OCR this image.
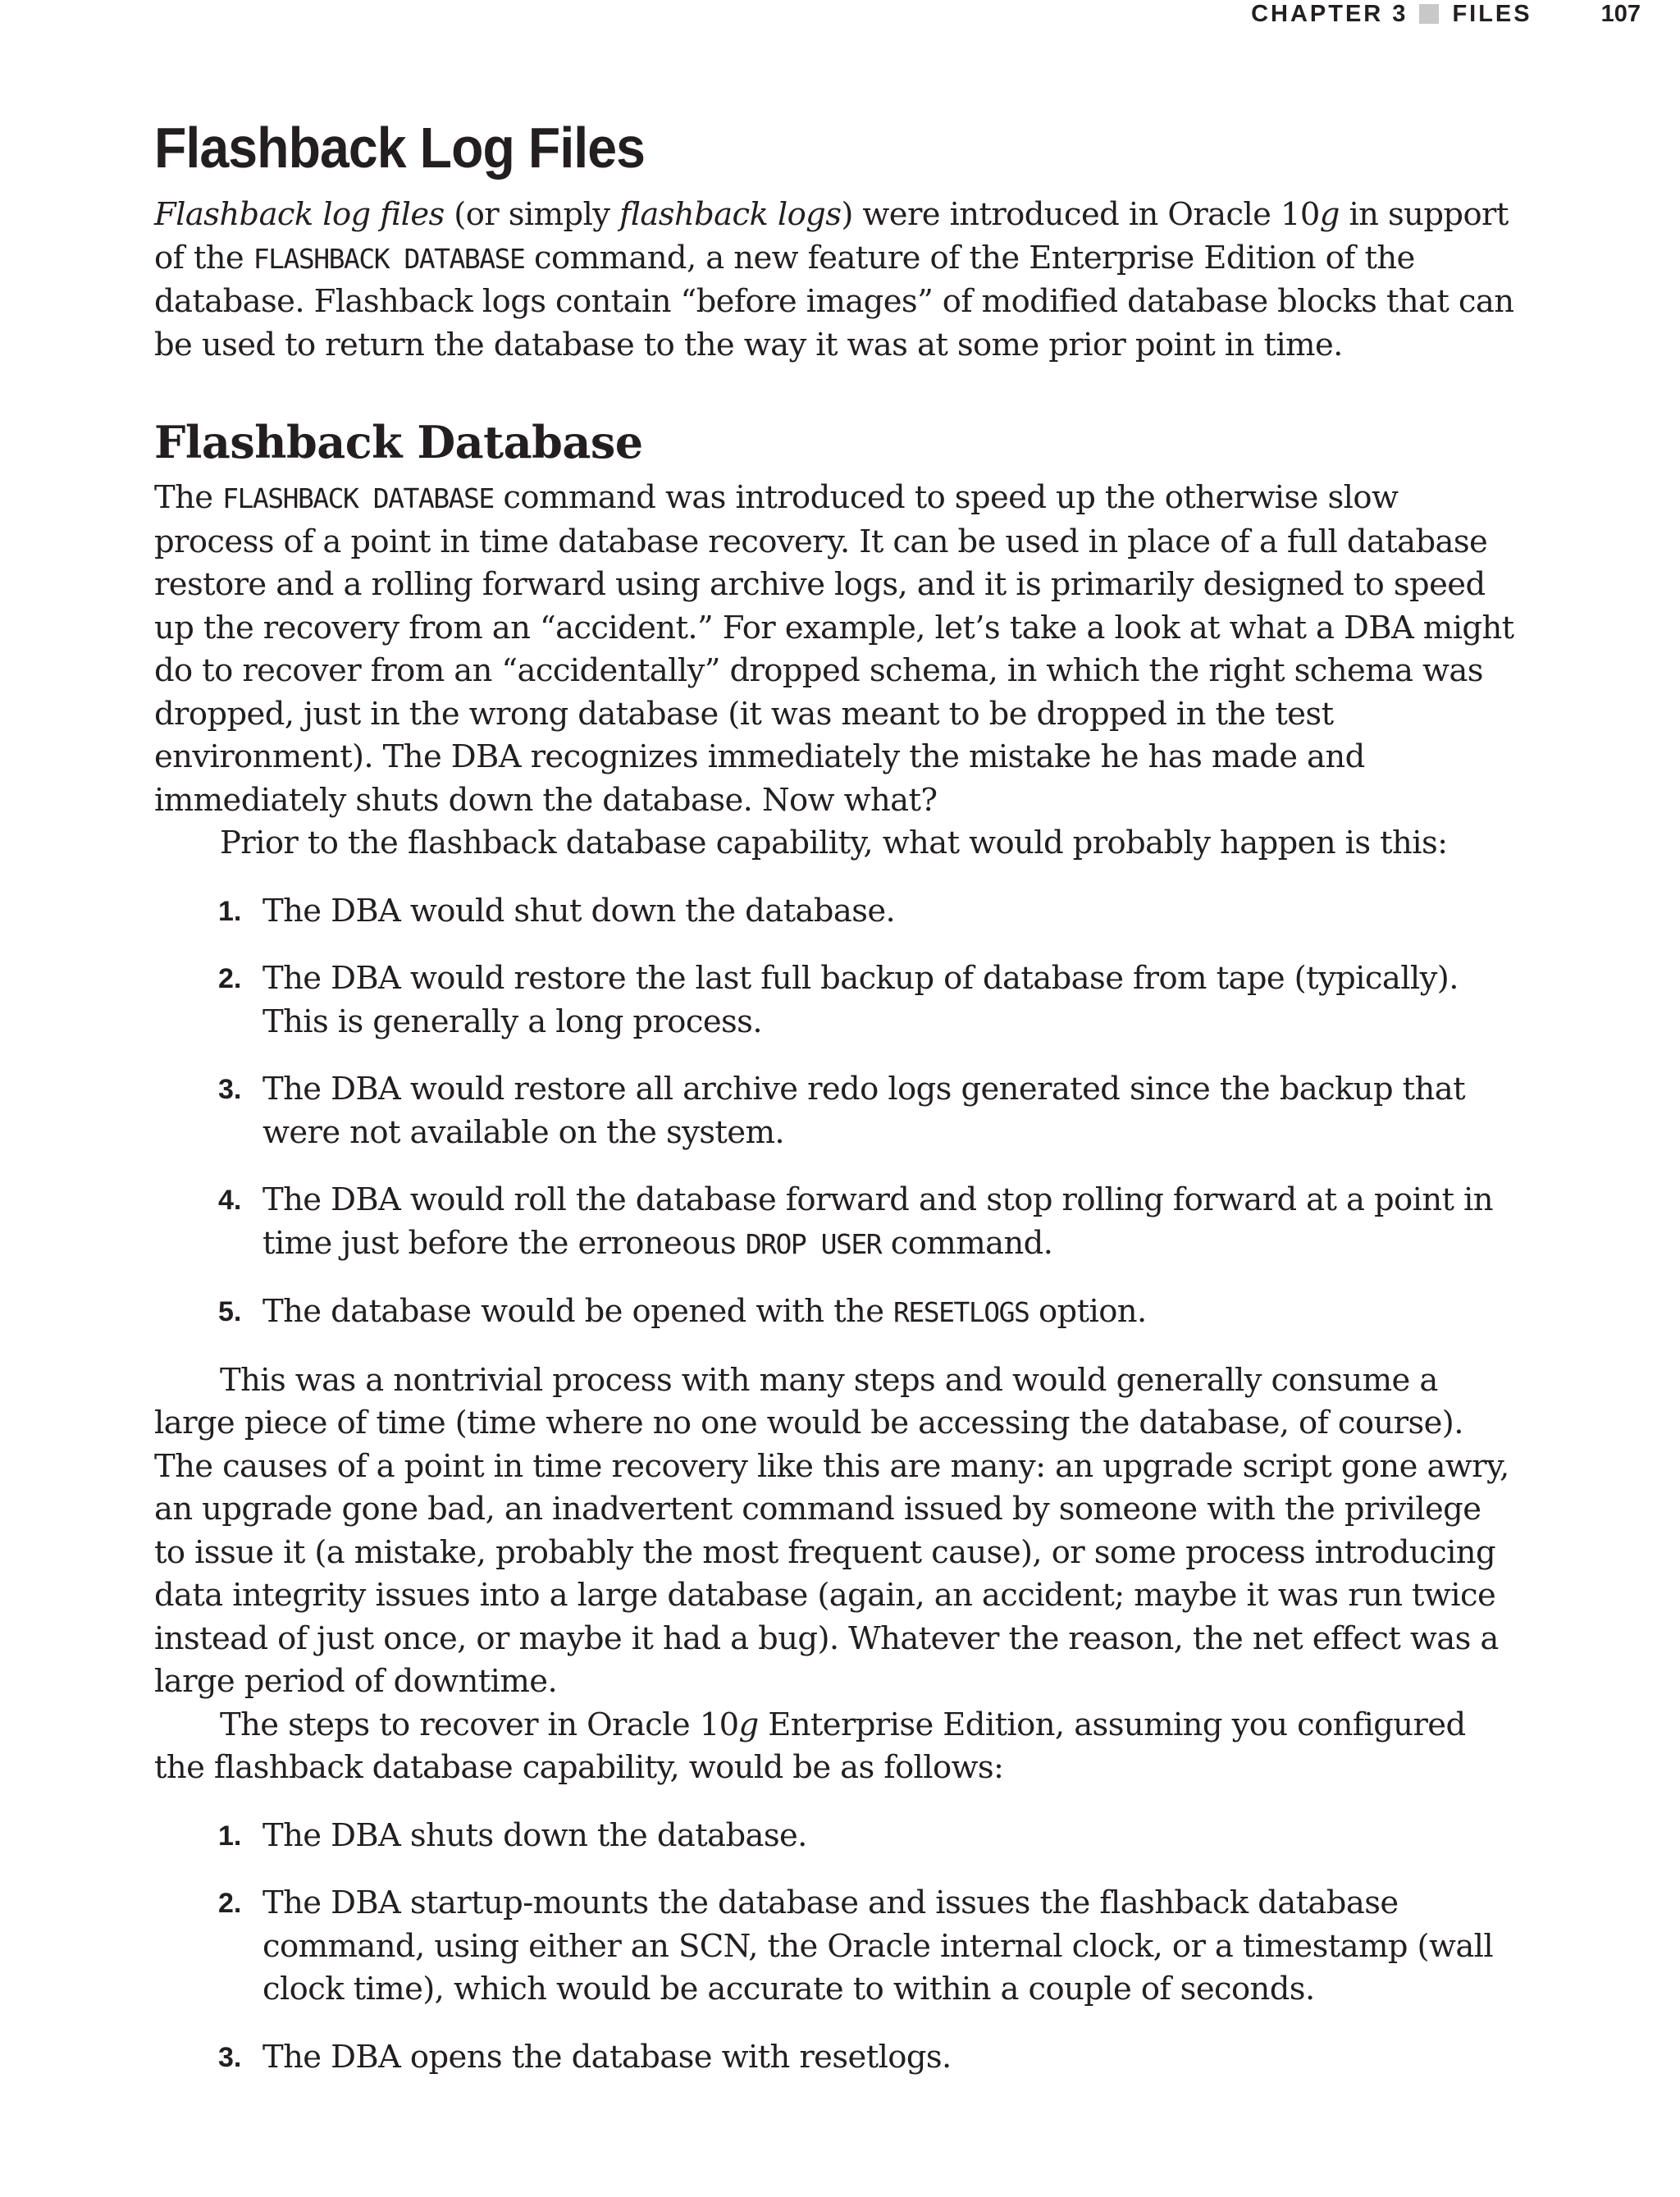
CHAPTER 3 FILES	107
Flashback Log Files

Flashback log files (or simply flashback logs) were introduced in Oracle 10g in support of the FLASHBACK DATABASE command, a new feature of the Enterprise Edition of the database. Flashback logs contain “before images” of modified database blocks that can be used to return the database to the way it was at some prior point in time.

Flashback Database

The FLASHBACK DATABASE command was introduced to speed up the otherwise slow process of a point in time database recovery. It can be used in place of a full database restore and a rolling forward using archive logs, and it is primarily designed to speed up the recovery from an “accident.” For example, let’s take a look at what a DBA might do to recover from an “accidentally” dropped schema, in which the right schema was dropped, just in the wrong database (it was meant to be dropped in the test environment). The DBA recognizes immediately the mistake he has made and immediately shuts down the database. Now what?

Prior to the flashback database capability, what would probably happen is this:

1. The DBA would shut down the database.
2. The DBA would restore the last full backup of database from tape (typically). This is generally a long process.
3. The DBA would restore all archive redo logs generated since the backup that were not available on the system.
4. The DBA would roll the database forward and stop rolling forward at a point in time just before the erroneous DROP USER command.
5. The database would be opened with the RESETLOGS option.

This was a nontrivial process with many steps and would generally consume a large piece of time (time where no one would be accessing the database, of course). The causes of a point in time recovery like this are many: an upgrade script gone awry, an upgrade gone bad, an inadvertent command issued by someone with the privilege to issue it (a mistake, probably the most frequent cause), or some process introducing data integrity issues into a large database (again, an accident; maybe it was run twice instead of just once, or maybe it had a bug). Whatever the reason, the net effect was a large period of downtime.

The steps to recover in Oracle 10g Enterprise Edition, assuming you configured the flashback database capability, would be as follows:

1. The DBA shuts down the database.
2. The DBA startup-mounts the database and issues the flashback database command, using either an SCN, the Oracle internal clock, or a timestamp (wall clock time), which would be accurate to within a couple of seconds.
3. The DBA opens the database with resetlogs.
